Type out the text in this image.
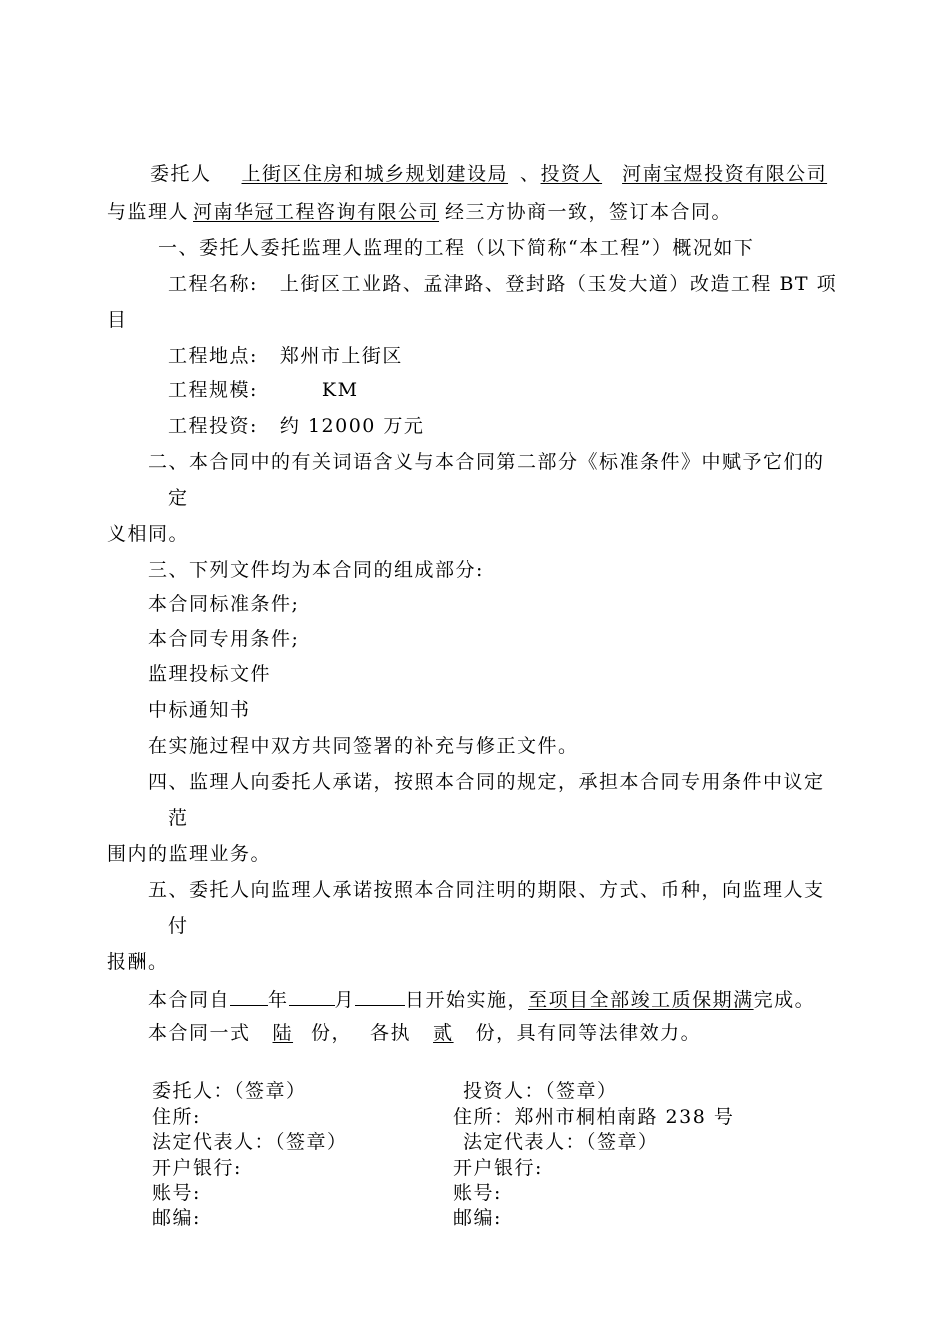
委托人 上街区住房和城乡规划建设局 、投资人 河南宝煜投资有限公司
与监理人 河南华冠工程咨询有限公司 经三方协商一致，签订本合同。
一、委托人委托监理人监理的工程（以下简称“本工程”）概况如下
工程名称: 上街区工业路、孟津路、登封路（玉发大道）改造工程 BT 项
目
工程地点: 郑州市上街区
工程规模:	KM
工程投资: 约 12000 万元
二、本合同中的有关词语含义与本合同第二部分《标准条件》中赋予它们的
定
义相同。
三、下列文件均为本合同的组成部分:
本合同标准条件;
本合同专用条件;
监理投标文件
中标通知书
在实施过程中双方共同签署的补充与修正文件。
四、监理人向委托人承诺，按照本合同的规定，承担本合同专用条件中议定
范
围内的监理业务。
五、委托人向监理人承诺按照本合同注明的期限、方式、币种，向监理人支
付
报酬。
本合同自 年 月	日开始实施，至项目全部竣工质保期满完成。
本合同一式 陆 份， 各执 贰 份，具有同等法律效力。
委托人：（签章）
住所:
法定代表人：（签章）
开户银行:
账号:
邮编:
投资人：（签章）
住所：郑州市桐柏南路 238 号
法定代表人：（签章）
开户银行:
账号:
邮编:
